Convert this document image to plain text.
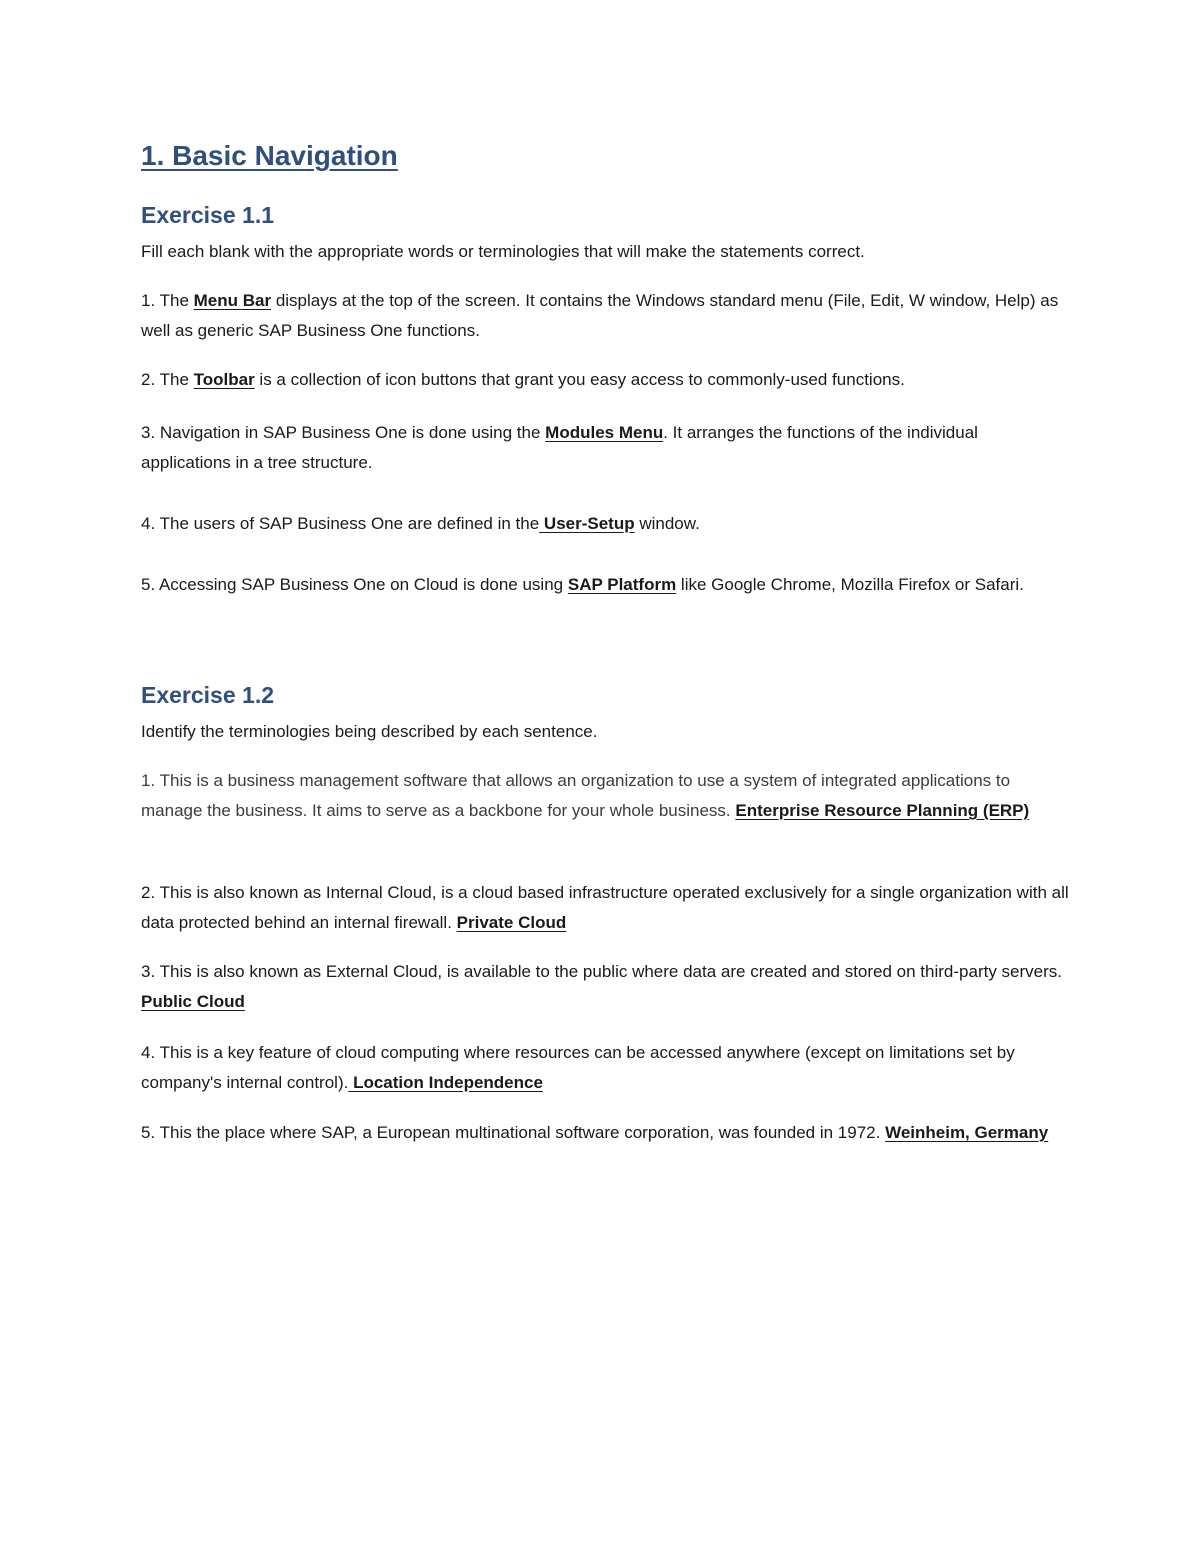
1. Basic Navigation
Exercise 1.1

Fill each blank with the appropriate words or terminologies that will make the statements correct.

1. The Menu Bar displays at the top of the screen. It contains the Windows standard menu (File, Edit, W window, Help) as well as generic SAP Business One functions.

2. The Toolbar is a collection of icon buttons that grant you easy access to commonly-used functions.

3. Navigation in SAP Business One is done using the Modules Menu. It arranges the functions of the individual applications in a tree structure.

4. The users of SAP Business One are defined in the User-Setup window.

5. Accessing SAP Business One on Cloud is done using SAP Platform like Google Chrome, Mozilla Firefox or Safari.

Exercise 1.2

Identify the terminologies being described by each sentence.

1. This is a business management software that allows an organization to use a system of integrated applications to manage the business. It aims to serve as a backbone for your whole business. Enterprise Resource Planning (ERP)

2. This is also known as Internal Cloud, is a cloud based infrastructure operated exclusively for a single organization with all data protected behind an internal firewall. Private Cloud

3. This is also known as External Cloud, is available to the public where data are created and stored on third-party servers. Public Cloud

4. This is a key feature of cloud computing where resources can be accessed anywhere (except on limitations set by company's internal control). Location Independence

5. This the place where SAP, a European multinational software corporation, was founded in 1972. Weinheim, Germany
